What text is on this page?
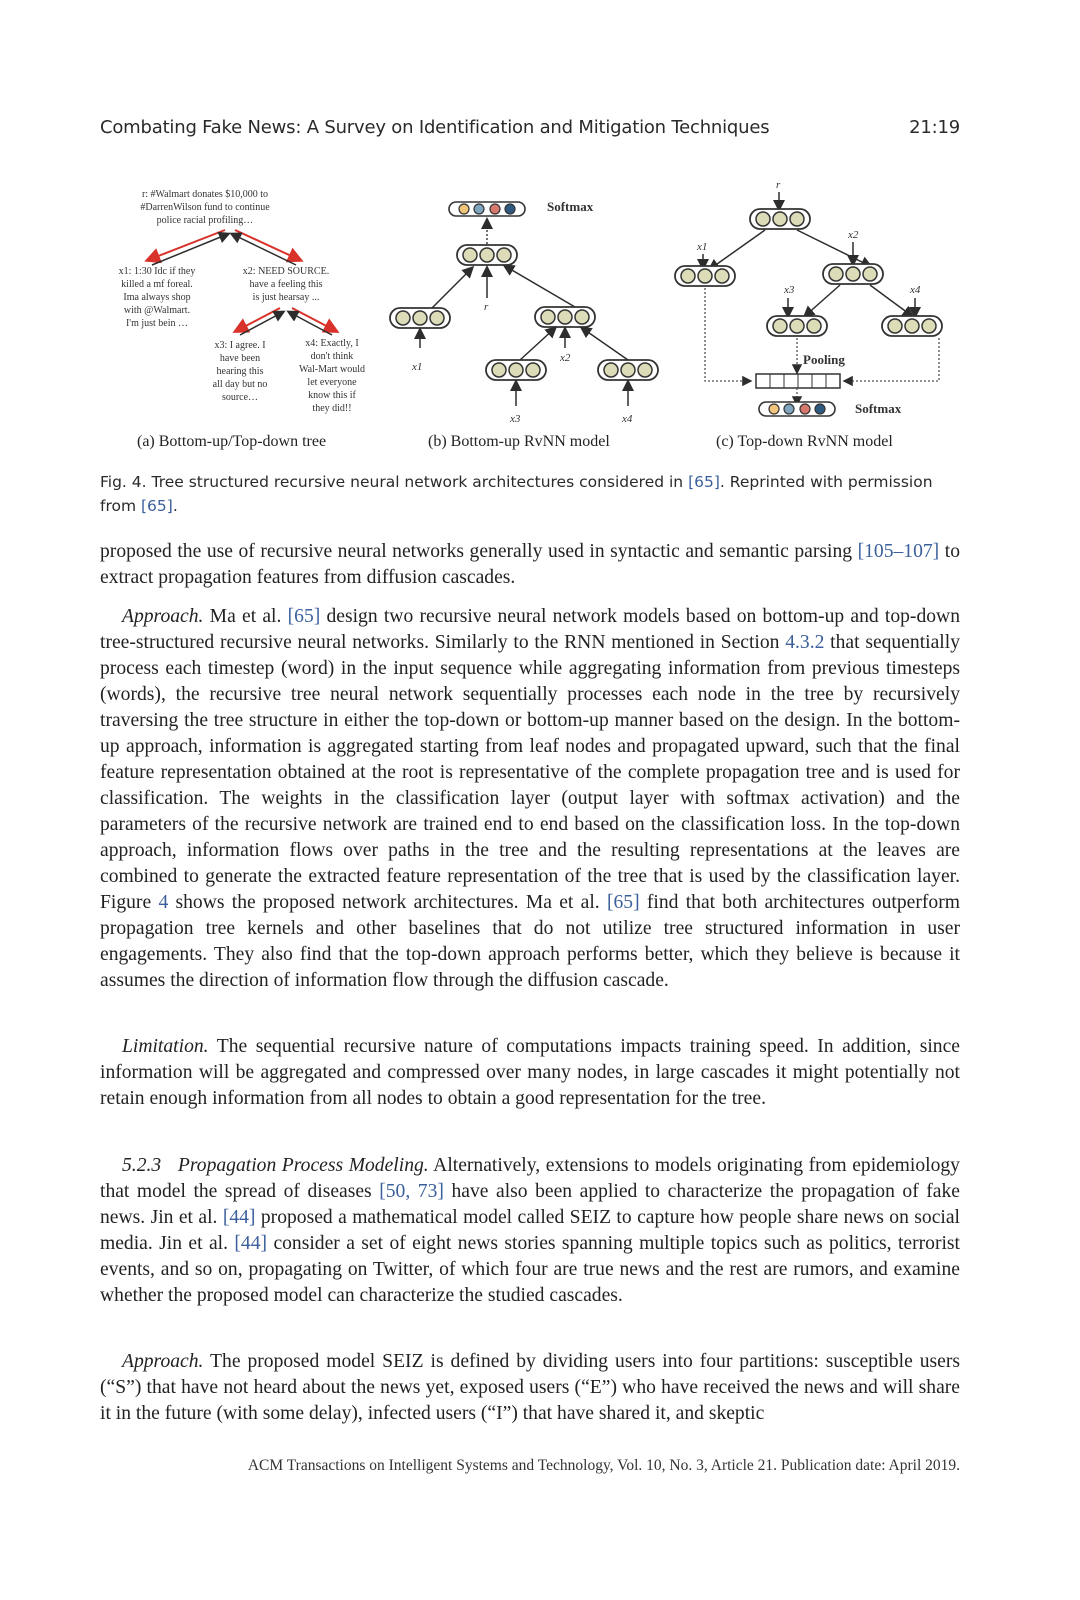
Combating Fake News: A Survey on Identification and Mitigation Techniques	21:19
r: #Walmart donates $10,000 to
#DarrenWilson fund to continue
police racial profiling…
x1: 1:30 Idc if they
killed a mf foreal.
Ima always shop
with @Walmart.
I'm just bein …
x2: NEED SOURCE.
have a feeling this
is just hearsay ...
x3: I agree. I
have been
hearing this
all day but no
source…
x4: Exactly, I
don't think
Wal-Mart would
let everyone
know this if
they did!!
Softmax
r
x1
x2
x3	x4
r
x1
x2
x3	x4
Pooling
Softmax
(a) Bottom-up/Top-down tree	(b) Bottom-up RvNN model	(c) Top-down RvNN model
Fig. 4. Tree structured recursive neural network architectures considered in [65]. Reprinted with permission from [65].

proposed the use of recursive neural networks generally used in syntactic and semantic parsing [105–107] to extract propagation features from diffusion cascades.

Approach. Ma et al. [65] design two recursive neural network models based on bottom-up and top-down tree-structured recursive neural networks. Similarly to the RNN mentioned in Section 4.3.2 that sequentially process each timestep (word) in the input sequence while aggregating information from previous timesteps (words), the recursive tree neural network sequentially processes each node in the tree by recursively traversing the tree structure in either the top-down or bottom-up manner based on the design. In the bottom-up approach, information is aggregated starting from leaf nodes and propagated upward, such that the final feature representation obtained at the root is representative of the complete propagation tree and is used for classification. The weights in the classification layer (output layer with softmax activation) and the parameters of the recursive network are trained end to end based on the classification loss. In the top-down approach, information flows over paths in the tree and the resulting representations at the leaves are combined to generate the extracted feature representation of the tree that is used by the classification layer. Figure 4 shows the proposed network architectures. Ma et al. [65] find that both architectures outperform propagation tree kernels and other baselines that do not utilize tree structured information in user engagements. They also find that the top-down approach performs better, which they believe is because it assumes the direction of information flow through the diffusion cascade.

Limitation. The sequential recursive nature of computations impacts training speed. In addition, since information will be aggregated and compressed over many nodes, in large cascades it might potentially not retain enough information from all nodes to obtain a good representation for the tree.

5.2.3 Propagation Process Modeling. Alternatively, extensions to models originating from epidemiology that model the spread of diseases [50, 73] have also been applied to characterize the propagation of fake news. Jin et al. [44] proposed a mathematical model called SEIZ to capture how people share news on social media. Jin et al. [44] consider a set of eight news stories spanning multiple topics such as politics, terrorist events, and so on, propagating on Twitter, of which four are true news and the rest are rumors, and examine whether the proposed model can characterize the studied cascades.

Approach. The proposed model SEIZ is defined by dividing users into four partitions: susceptible users (“S”) that have not heard about the news yet, exposed users (“E”) who have received the news and will share it in the future (with some delay), infected users (“I”) that have shared it, and skeptic

ACM Transactions on Intelligent Systems and Technology, Vol. 10, No. 3, Article 21. Publication date: April 2019.
